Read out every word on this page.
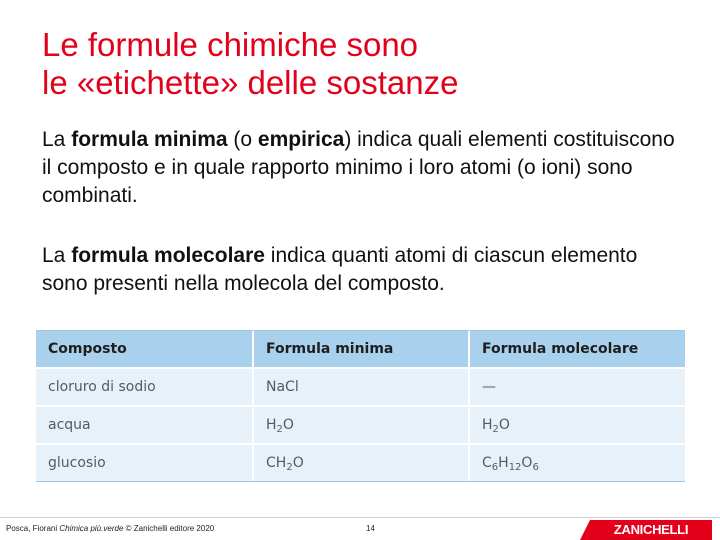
Le formule chimiche sono
le «etichette» delle sostanze

La formula minima (o empirica) indica quali elementi costituiscono il composto e in quale rapporto minimo i loro atomi (o ioni) sono combinati.

La formula molecolare indica quanti atomi di ciascun elemento sono presenti nella molecola del composto.

Composto	Formula minima	Formula molecolare
cloruro di sodio	NaCl	—
acqua	$H_2O$	$H_2O$
glucosio	$CH_2O$	$C_6H_{12}O_6$
Posca, Fiorani Chimica più.verde © Zanichelli editore 2020	14	ZANICHELLI
